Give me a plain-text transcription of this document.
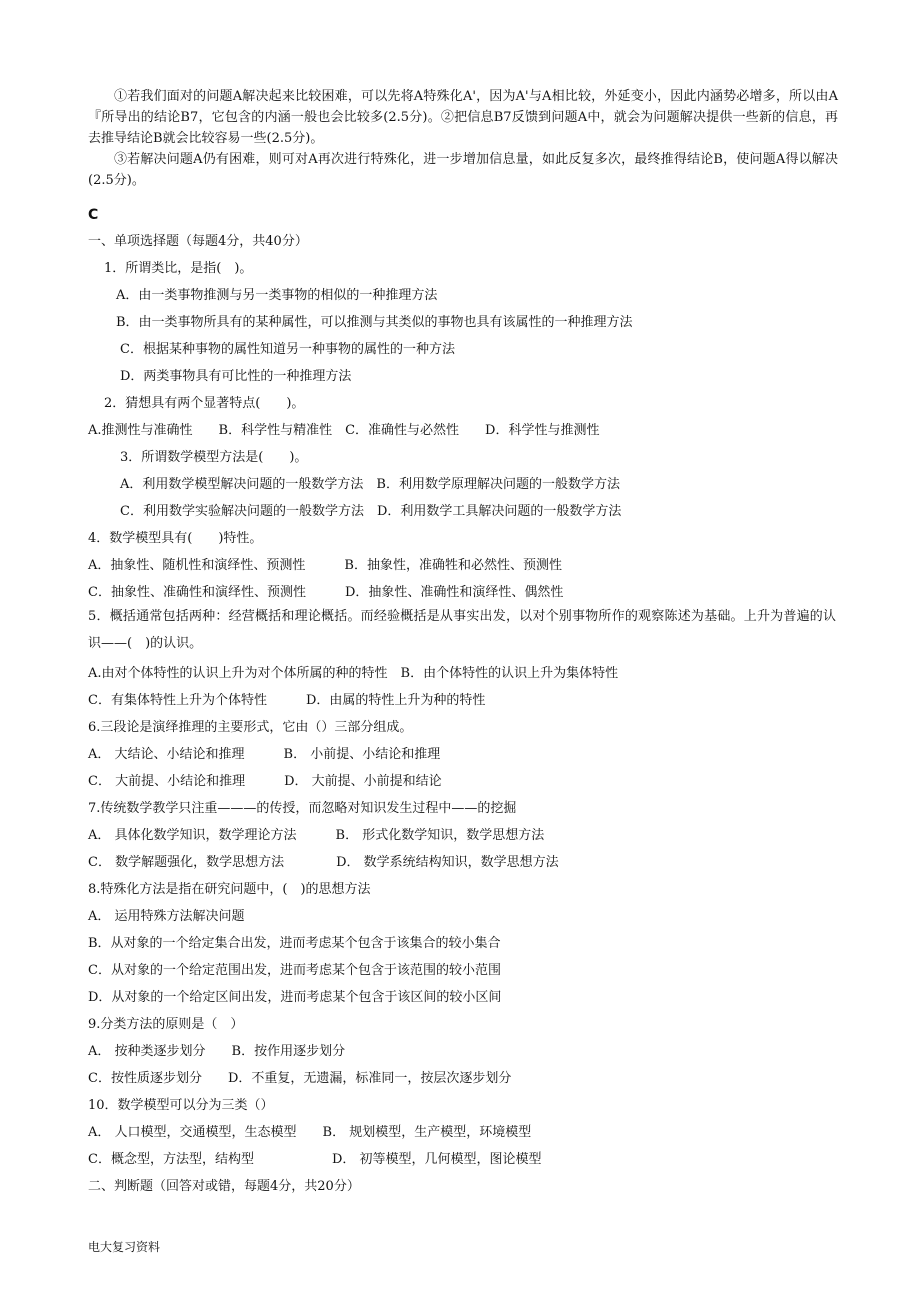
①若我们面对的问题A解决起来比较困难，可以先将A特殊化A'，因为A'与A相比较，外延变小，因此内涵势必增多，所以由A『所导出的结论B7，它包含的内涵一般也会比较多(2.5分)。②把信息B7反馈到问题A中，就会为问题解决提供一些新的信息，再去推导结论B就会比较容易一些(2.5分)。

③若解决问题A仍有困难，则可对A再次进行特殊化，进一步增加信息量，如此反复多次，最终推得结论B，使问题A得以解决(2.5分)。

C
一、单项选择题（每题4分，共40分）
1．所谓类比，是指(　)。
A．由一类事物推测与另一类事物的相似的一种推理方法
B．由一类事物所具有的某种属性，可以推测与其类似的事物也具有该属性的一种推理方法
C．根据某种事物的属性知道另一种事物的属性的一种方法
D．两类事物具有可比性的一种推理方法
2．猜想具有两个显著特点(　　)。
A.推测性与准确性　　B．科学性与精准性　C．准确性与必然性　　D．科学性与推测性
3．所谓数学模型方法是(　　)。
A．利用数学模型解决问题的一般数学方法　B．利用数学原理解决问题的一般数学方法
C．利用数学实验解决问题的一般数学方法　D．利用数学工具解决问题的一般数学方法
4．数学模型具有(　　)特性。
A．抽象性、随机性和演绎性、预测性　　　B．抽象性，准确牲和必然性、预测性
C．抽象性、准确性和演绎性、预测性　　　D．抽象性、准确性和演绎性、偶然性
5．概括通常包括两种：经营概括和理论概括。而经验概括是从事实出发，以对个别事物所作的观察陈述为基础。上升为普遍的认识——(　)的认识。
A.由对个体特性的认识上升为对个体所属的种的特性　B．由个体特性的认识上升为集体特性
C．有集体特性上升为个体特性　　　D．由属的特性上升为种的特性
6.三段论是演绎推理的主要形式，它由（）三部分组成。
A． 大结论、小结论和推理　　　B． 小前提、小结论和推理
C． 大前提、小结论和推理　　　D． 大前提、小前提和结论
7.传统数学教学只注重———的传授，而忽略对知识发生过程中——的挖掘
A． 具体化数学知识，数学理论方法　　　B． 形式化数学知识，数学思想方法
C． 数学解题强化，数学思想方法　　　　D． 数学系统结构知识，数学思想方法
8.特殊化方法是指在研究问题中，(　)的思想方法
A． 运用特殊方法解决问题
B．从对象的一个给定集合出发，进而考虑某个包含于该集合的较小集合
C．从对象的一个给定范围出发，进而考虑某个包含于该范围的较小范围
D．从对象的一个给定区间出发，进而考虑某个包含于该区间的较小区间
9.分类方法的原则是（　）
A． 按种类逐步划分　　B．按作用逐步划分
C．按性质逐步划分　　D．不重复，无遗漏，标准同一，按层次逐步划分
10．数学模型可以分为三类（）
A． 人口模型，交通模型，生态模型　　B． 规划模型，生产模型，环境模型
C．概念型，方法型，结构型　　　　　　D． 初等模型，几何模型，图论模型
二、判断题（回答对或错，每题4分，共20分）
电大复习资料
